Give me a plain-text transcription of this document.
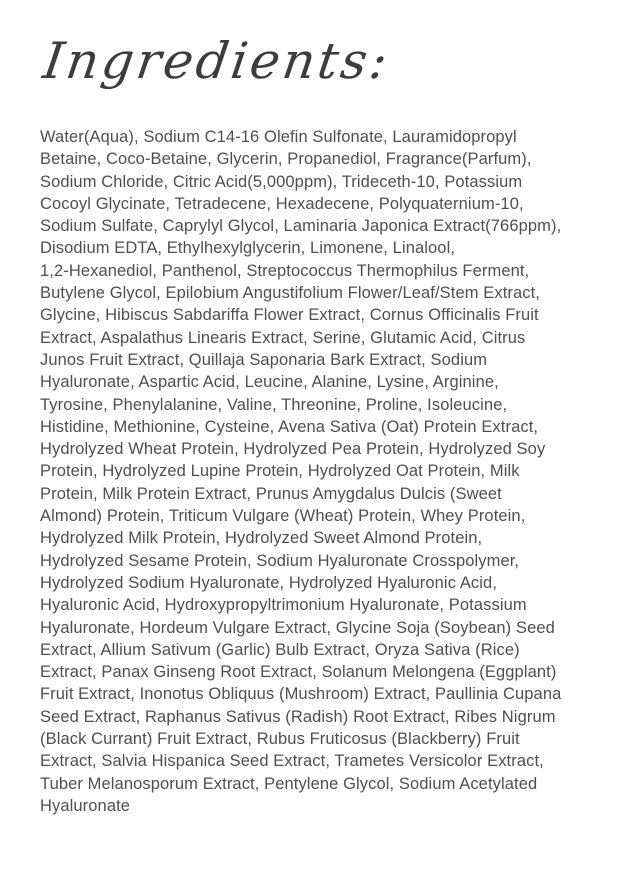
Ingredients:
Water(Aqua), Sodium C14-16 Olefin Sulfonate, Lauramidopropyl
Betaine, Coco-Betaine, Glycerin, Propanediol, Fragrance(Parfum),
Sodium Chloride, Citric Acid(5,000ppm), Trideceth-10, Potassium
Cocoyl Glycinate, Tetradecene, Hexadecene, Polyquaternium-10,
Sodium Sulfate, Caprylyl Glycol, Laminaria Japonica Extract(766ppm),
Disodium EDTA, Ethylhexylglycerin, Limonene, Linalool,
1,2-Hexanediol, Panthenol, Streptococcus Thermophilus Ferment,
Butylene Glycol, Epilobium Angustifolium Flower/Leaf/Stem Extract,
Glycine, Hibiscus Sabdariffa Flower Extract, Cornus Officinalis Fruit
Extract, Aspalathus Linearis Extract, Serine, Glutamic Acid, Citrus
Junos Fruit Extract, Quillaja Saponaria Bark Extract, Sodium
Hyaluronate, Aspartic Acid, Leucine, Alanine, Lysine, Arginine,
Tyrosine, Phenylalanine, Valine, Threonine, Proline, Isoleucine,
Histidine, Methionine, Cysteine, Avena Sativa (Oat) Protein Extract,
Hydrolyzed Wheat Protein, Hydrolyzed Pea Protein, Hydrolyzed Soy
Protein, Hydrolyzed Lupine Protein, Hydrolyzed Oat Protein, Milk
Protein, Milk Protein Extract, Prunus Amygdalus Dulcis (Sweet
Almond) Protein, Triticum Vulgare (Wheat) Protein, Whey Protein,
Hydrolyzed Milk Protein, Hydrolyzed Sweet Almond Protein,
Hydrolyzed Sesame Protein, Sodium Hyaluronate Crosspolymer,
Hydrolyzed Sodium Hyaluronate, Hydrolyzed Hyaluronic Acid,
Hyaluronic Acid, Hydroxypropyltrimonium Hyaluronate, Potassium
Hyaluronate, Hordeum Vulgare Extract, Glycine Soja (Soybean) Seed
Extract, Allium Sativum (Garlic) Bulb Extract, Oryza Sativa (Rice)
Extract, Panax Ginseng Root Extract, Solanum Melongena (Eggplant)
Fruit Extract, Inonotus Obliquus (Mushroom) Extract, Paullinia Cupana
Seed Extract, Raphanus Sativus (Radish) Root Extract, Ribes Nigrum
(Black Currant) Fruit Extract, Rubus Fruticosus (Blackberry) Fruit
Extract, Salvia Hispanica Seed Extract, Trametes Versicolor Extract,
Tuber Melanosporum Extract, Pentylene Glycol, Sodium Acetylated
Hyaluronate
